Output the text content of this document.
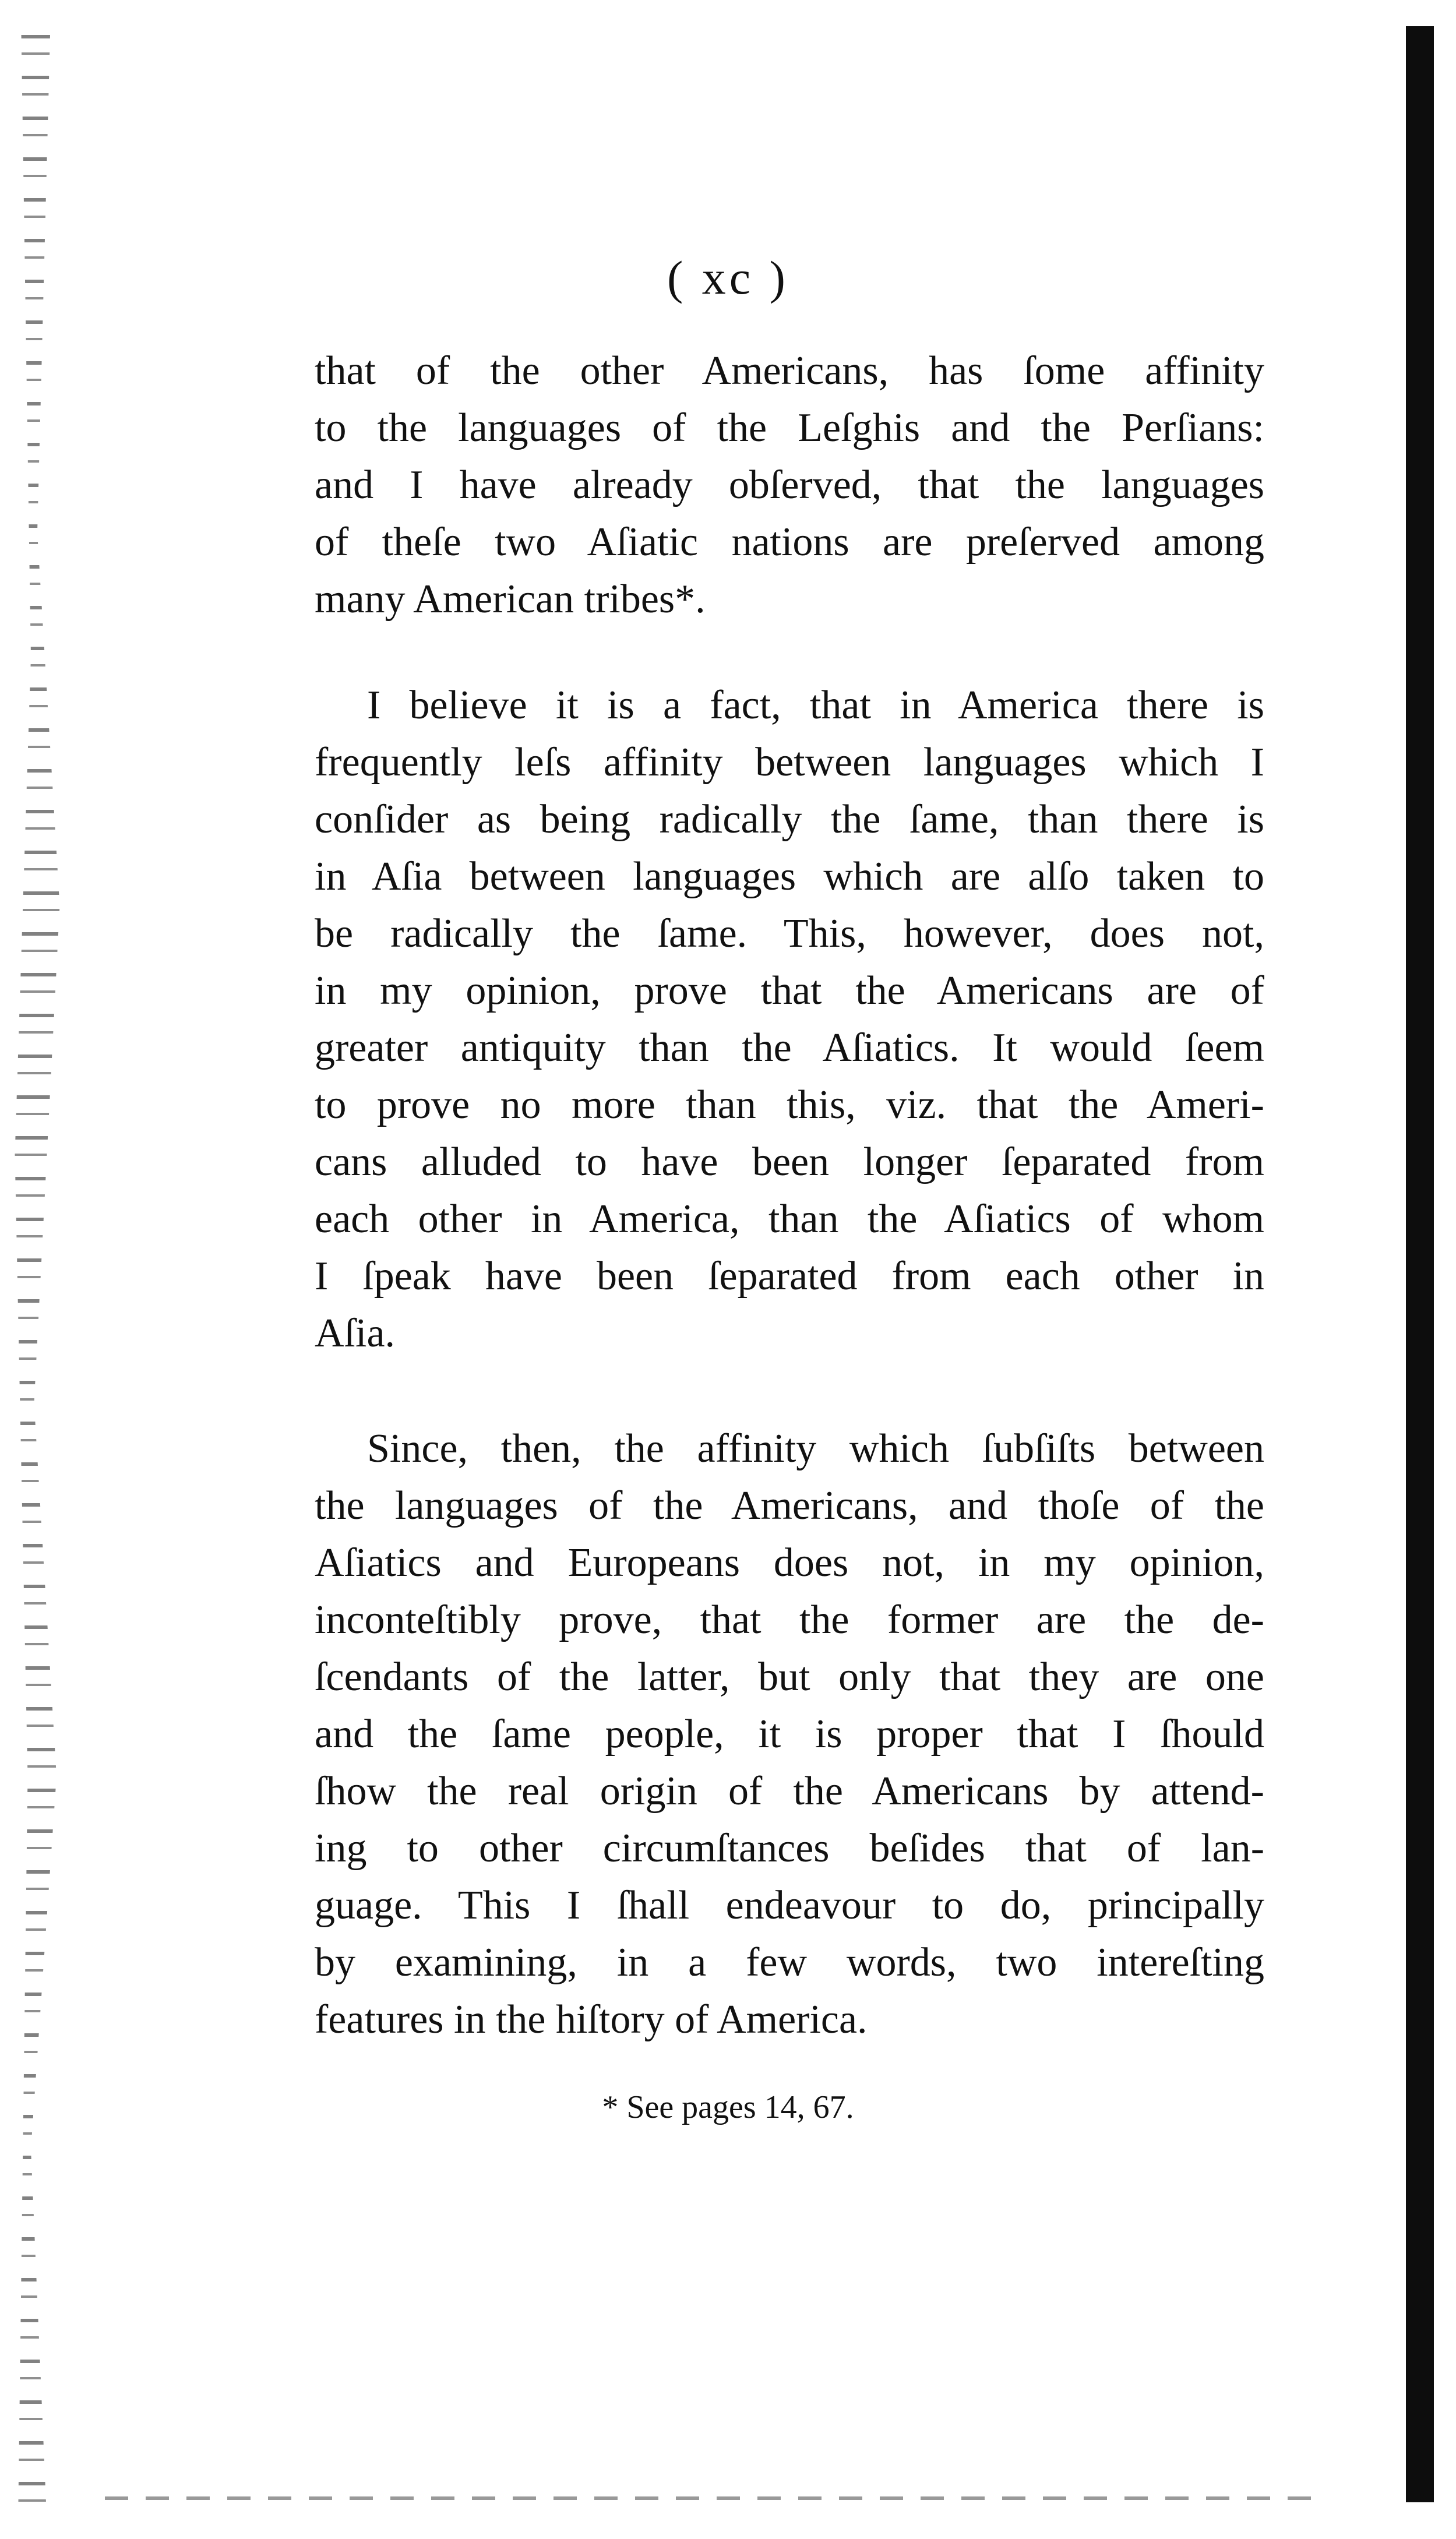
( xc )
that of the other Americans, has ſome affinity
to the languages of the Leſghis and the Perſians:
and I have already obſerved, that the languages
of theſe two Aſiatic nations are preſerved among
many American tribes*.
I believe it is a fact, that in America there is
frequently leſs affinity between languages which I
conſider as being radically the ſame, than there is
in Aſia between languages which are alſo taken to
be radically the ſame. This, however, does not,
in my opinion, prove that the Americans are of
greater antiquity than the Aſiatics. It would ſeem
to prove no more than this, viz. that the Ameri-
cans alluded to have been longer ſeparated from
each other in America, than the Aſiatics of whom
I ſpeak have been ſeparated from each other in
Aſia.
Since, then, the affinity which ſubſiſts between
the languages of the Americans, and thoſe of the
Aſiatics and Europeans does not, in my opinion,
inconteſtibly prove, that the former are the de-
ſcendants of the latter, but only that they are one
and the ſame people, it is proper that I ſhould
ſhow the real origin of the Americans by attend-
ing to other circumſtances beſides that of lan-
guage. This I ſhall endeavour to do, principally
by examining, in a few words, two intereſting
features in the hiſtory of America.
* See pages 14, 67.
